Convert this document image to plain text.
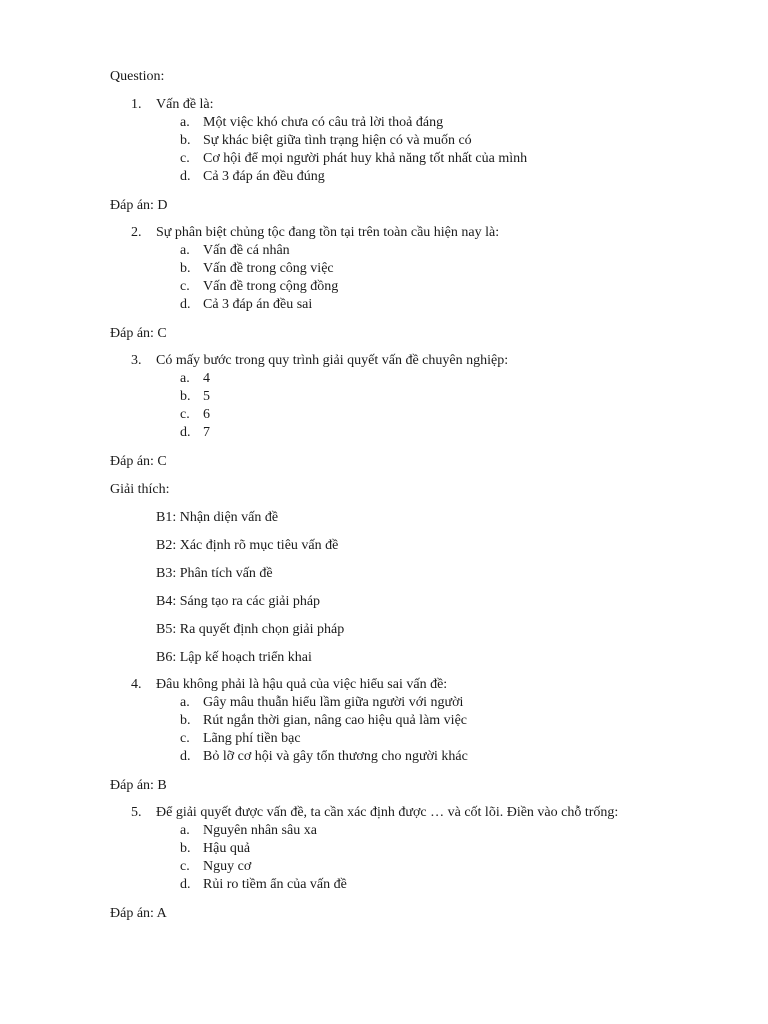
Question:
1.	Vấn đề là:
a. Một việc khó chưa có câu trả lời thoả đáng
b. Sự khác biệt giữa tình trạng hiện có và muốn có
c. Cơ hội để mọi người phát huy khả năng tốt nhất của mình
d. Cả 3 đáp án đều đúng
Đáp án: D
2.	Sự phân biệt chủng tộc đang tồn tại trên toàn cầu hiện nay là:
a. Vấn đề cá nhân
b. Vấn đề trong công việc
c. Vấn đề trong cộng đồng
d. Cả 3 đáp án đều sai
Đáp án: C
3.	Có mấy bước trong quy trình giải quyết vấn đề chuyên nghiệp:
a. 4
b. 5
c. 6
d. 7
Đáp án: C
Giải thích:
B1: Nhận diện vấn đề
B2: Xác định rõ mục tiêu vấn đề
B3: Phân tích vấn đề
B4: Sáng tạo ra các giải pháp
B5: Ra quyết định chọn giải pháp
B6: Lập kế hoạch triển khai
4.	Đâu không phải là hậu quả của việc hiểu sai vấn đề:
a. Gây mâu thuẫn hiểu lầm giữa người với người
b. Rút ngắn thời gian, nâng cao hiệu quả làm việc
c. Lãng phí tiền bạc
d. Bỏ lỡ cơ hội và gây tổn thương cho người khác
Đáp án: B
5.	Để giải quyết được vấn đề, ta cần xác định được … và cốt lõi. Điền vào chỗ trống:
a. Nguyên nhân sâu xa
b. Hậu quả
c. Nguy cơ
d. Rủi ro tiềm ẩn của vấn đề
Đáp án: A
